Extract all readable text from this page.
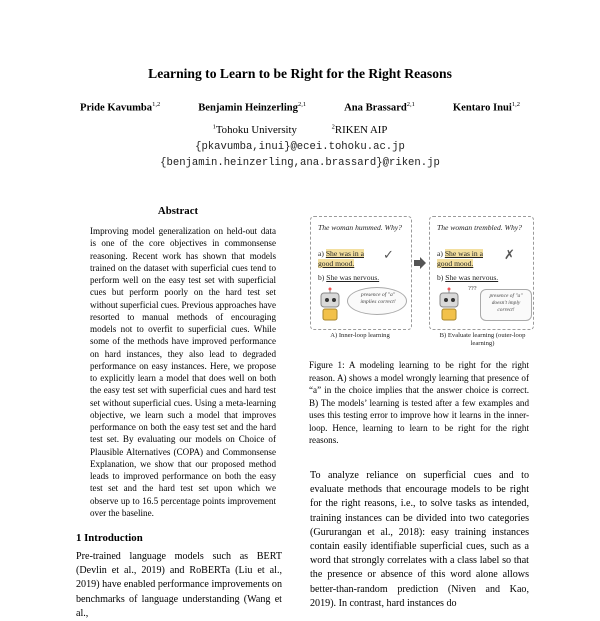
Learning to Learn to be Right for the Right Reasons
Pride Kavumba$^{1,2}$	Benjamin Heinzerling$^{2,1}$	Ana Brassard$^{2,1}$	Kentaro Inui$^{1,2}$
$^1$Tohoku University	$^2$RIKEN AIP
{pkavumba,inui}@ecei.tohoku.ac.jp
{benjamin.heinzerling,ana.brassard}@riken.jp
Abstract
Improving model generalization on held-out data is one of the core objectives in commonsense reasoning. Recent work has shown that models trained on the dataset with superficial cues tend to perform well on the easy test set with superficial cues but perform poorly on the hard test set without superficial cues. Previous approaches have resorted to manual methods of encouraging models not to overfit to superficial cues. While some of the methods have improved performance on hard instances, they also lead to degraded performance on easy instances. Here, we propose to explicitly learn a model that does well on both the easy test set with superficial cues and hard test set without superficial cues. Using a meta-learning objective, we learn such a model that improves performance on both the easy test set and the hard test set. By evaluating our models on Choice of Plausible Alternatives (COPA) and Commonsense Explanation, we show that our proposed method leads to improved performance on both the easy test set and the hard test set upon which we observe up to 16.5 percentage points improvement over the baseline.
1 Introduction
Pre-trained language models such as BERT (Devlin et al., 2019) and RoBERTa (Liu et al., 2019) have enabled performance improvements on benchmarks of language understanding (Wang et al.,
The woman hummed. Why?
a) She was in a good mood.
✓
b) She was nervous.
presence of "a" implies correct!
A) Inner-loop learning
The woman trembled. Why?
a) She was in a good mood.
✗
b) She was nervous.
???
presence of "a" doesn't imply correct!
B) Evaluate learning (outer-loop learning)
Figure 1: A modeling learning to be right for the right reason. A) shows a model wrongly learning that presence of “a” in the choice implies that the answer choice is correct. B) The models’ learning is tested after a few examples and uses this testing error to improve how it learns in the inner-loop. Hence, learning to learn to be right for the right reasons.
To analyze reliance on superficial cues and to evaluate methods that encourage models to be right for the right reasons, i.e., to solve tasks as intended, training instances can be divided into two categories (Gururangan et al., 2018): easy training instances contain easily identifiable superficial cues, such as a word that strongly correlates with a class label so that the presence or absence of this word alone allows better-than-random prediction (Niven and Kao, 2019). In contrast, hard instances do
